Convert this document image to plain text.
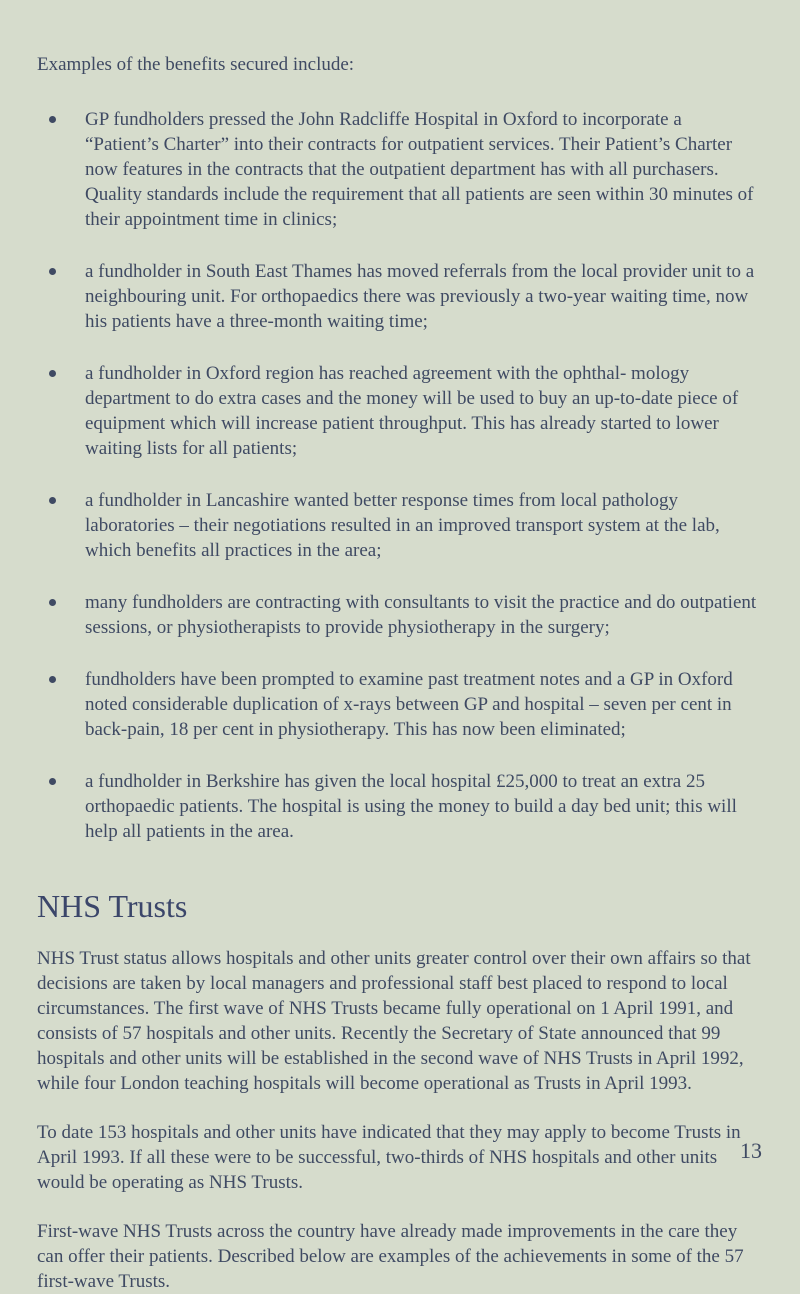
Examples of the benefits secured include:

GP fundholders pressed the John Radcliffe Hospital in Oxford to incorporate a “Patient’s Charter” into their contracts for outpatient services. Their Patient’s Charter now features in the contracts that the outpatient department has with all purchasers. Quality standards include the requirement that all patients are seen within 30 minutes of their appointment time in clinics;
a fundholder in South East Thames has moved referrals from the local provider unit to a neighbouring unit. For orthopaedics there was previously a two-year waiting time, now his patients have a three-month waiting time;
a fundholder in Oxford region has reached agreement with the ophthal- mology department to do extra cases and the money will be used to buy an up-to-date piece of equipment which will increase patient throughput. This has already started to lower waiting lists for all patients;
a fundholder in Lancashire wanted better response times from local pathology laboratories – their negotiations resulted in an improved transport system at the lab, which benefits all practices in the area;
many fundholders are contracting with consultants to visit the practice and do outpatient sessions, or physiotherapists to provide physiotherapy in the surgery;
fundholders have been prompted to examine past treatment notes and a GP in Oxford noted considerable duplication of x-rays between GP and hospital – seven per cent in back-pain, 18 per cent in physiotherapy. This has now been eliminated;
a fundholder in Berkshire has given the local hospital £25,000 to treat an extra 25 orthopaedic patients. The hospital is using the money to build a day bed unit; this will help all patients in the area.
NHS Trusts

NHS Trust status allows hospitals and other units greater control over their own affairs so that decisions are taken by local managers and professional staff best placed to respond to local circumstances. The first wave of NHS Trusts became fully operational on 1 April 1991, and consists of 57 hospitals and other units. Recently the Secretary of State announced that 99 hospitals and other units will be established in the second wave of NHS Trusts in April 1992, while four London teaching hospitals will become operational as Trusts in April 1993.

To date 153 hospitals and other units have indicated that they may apply to become Trusts in April 1993. If all these were to be successful, two-thirds of NHS hospitals and other units would be operating as NHS Trusts.

First-wave NHS Trusts across the country have already made improvements in the care they can offer their patients. Described below are examples of the achievements in some of the 57 first-wave Trusts.

13
